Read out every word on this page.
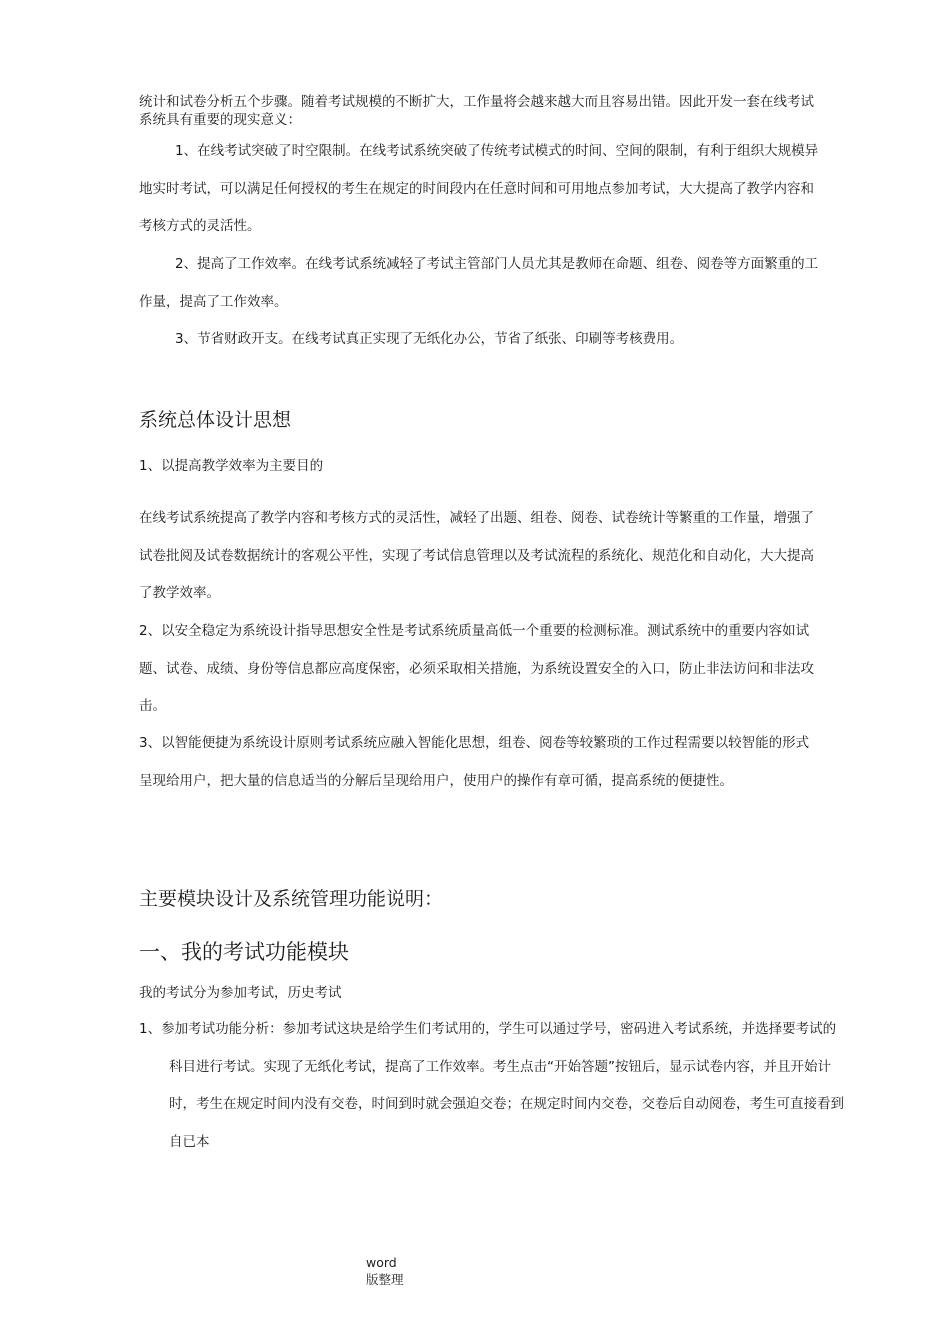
统计和试卷分析五个步骤。随着考试规模的不断扩大，工作量将会越来越大而且容易出错。因此开发一套在线考试系统具有重要的现实意义：

1、在线考试突破了时空限制。在线考试系统突破了传统考试模式的时间、空间的限制，有利于组织大规模异地实时考试，可以满足任何授权的考生在规定的时间段内在任意时间和可用地点参加考试，大大提高了教学内容和考核方式的灵活性。

2、提高了工作效率。在线考试系统减轻了考试主管部门人员尤其是教师在命题、组卷、阅卷等方面繁重的工作量，提高了工作效率。

3、节省财政开支。在线考试真正实现了无纸化办公，节省了纸张、印刷等考核费用。

系统总体设计思想

1、以提高教学效率为主要目的

在线考试系统提高了教学内容和考核方式的灵活性，减轻了出题、组卷、阅卷、试卷统计等繁重的工作量，增强了试卷批阅及试卷数据统计的客观公平性，实现了考试信息管理以及考试流程的系统化、规范化和自动化，大大提高了教学效率。

2、以安全稳定为系统设计指导思想安全性是考试系统质量高低一个重要的检测标准。测试系统中的重要内容如试题、试卷、成绩、身份等信息都应高度保密，必须采取相关措施，为系统设置安全的入口，防止非法访问和非法攻击。

3、以智能便捷为系统设计原则考试系统应融入智能化思想，组卷、阅卷等较繁琐的工作过程需要以较智能的形式呈现给用户，把大量的信息适当的分解后呈现给用户，使用户的操作有章可循，提高系统的便捷性。

主要模块设计及系统管理功能说明：
一、我的考试功能模块

我的考试分为参加考试，历史考试

1、参加考试功能分析：参加考试这块是给学生们考试用的，学生可以通过学号，密码进入考试系统，并选择要考试的科目进行考试。实现了无纸化考试，提高了工作效率。考生点击“开始答题”按钮后，显示试卷内容，并且开始计时，考生在规定时间内没有交卷，时间到时就会强迫交卷；在规定时间内交卷，交卷后自动阅卷，考生可直接看到自已本

word
版整理
